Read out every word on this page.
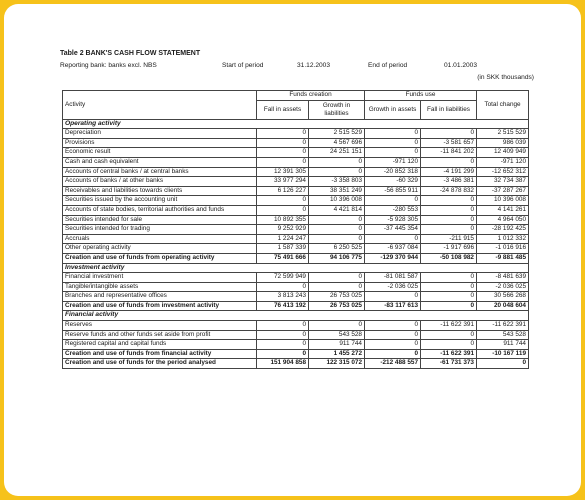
Table 2 BANK'S CASH FLOW STATEMENT
Reporting bank: banks excl. NBS	Start of period	31.12.2003	End of period	01.01.2003
(in SKK thousands)
Activity	Funds creation		Funds use		Total change
	Fall in assets	Growth in liabilities	Growth in assets	Fall in liabilities	
Operating activity					
Depreciation	0	2 515 529	0	0	2 515 529
Provisions	0	4 567 696	0	-3 581 657	986 039
Economic result	0	24 251 151	0	-11 841 202	12 409 949
Cash and cash equivalent	0	0	-971 120	0	-971 120
Accounts of central banks / at central banks	12 391 305	0	-20 852 318	-4 191 299	-12 652 312
Accounts of banks / at other banks	33 977 294	-3 358 803	-60 329	-3 486 381	32 734 387
Receivables and liabilities towards clients	6 126 227	38 351 249	-56 855 911	-24 878 832	-37 287 267
Securities issued by the accounting unit	0	10 396 008	0	0	10 396 008
Accounts of state bodies, territorial authorities and funds	0	4 421 814	-280 553	0	4 141 261
Securities intended for sale	10 892 355	0	-5 928 305	0	4 964 050
Securities intended for trading	9 252 929	0	-37 445 354	0	-28 192 425
Accruals	1 224 247	0	0	-211 915	1 012 332
Other operating activity	1 587 339	6 250 525	-6 937 084	-1 917 696	-1 016 916
Creation and use of funds from operating activity	75 491 666	94 106 775	-129 370 944	-50 108 982	-9 881 485
Investment activity					
Financial investment	72 599 949	0	-81 081 587	0	-8 481 639
Tangible/intangible assets	0	0	-2 036 025	0	-2 036 025
Branches and representative offices	3 813 243	26 753 025	0	0	30 566 268
Creation and use of funds from investment activity	76 413 192	26 753 025	-83 117 613	0	20 048 604
Financial activity					
Reserves	0	0	0	-11 622 391	-11 622 391
Reserve funds and other funds set aside from profit	0	543 528	0	0	543 528
Registered capital and capital funds	0	911 744	0	0	911 744
Creation and use of funds from financial activity	0	1 455 272	0	-11 622 391	-10 167 119
Creation and use of funds for the period analysed	151 904 858	122 315 072	-212 488 557	-61 731 373	0
